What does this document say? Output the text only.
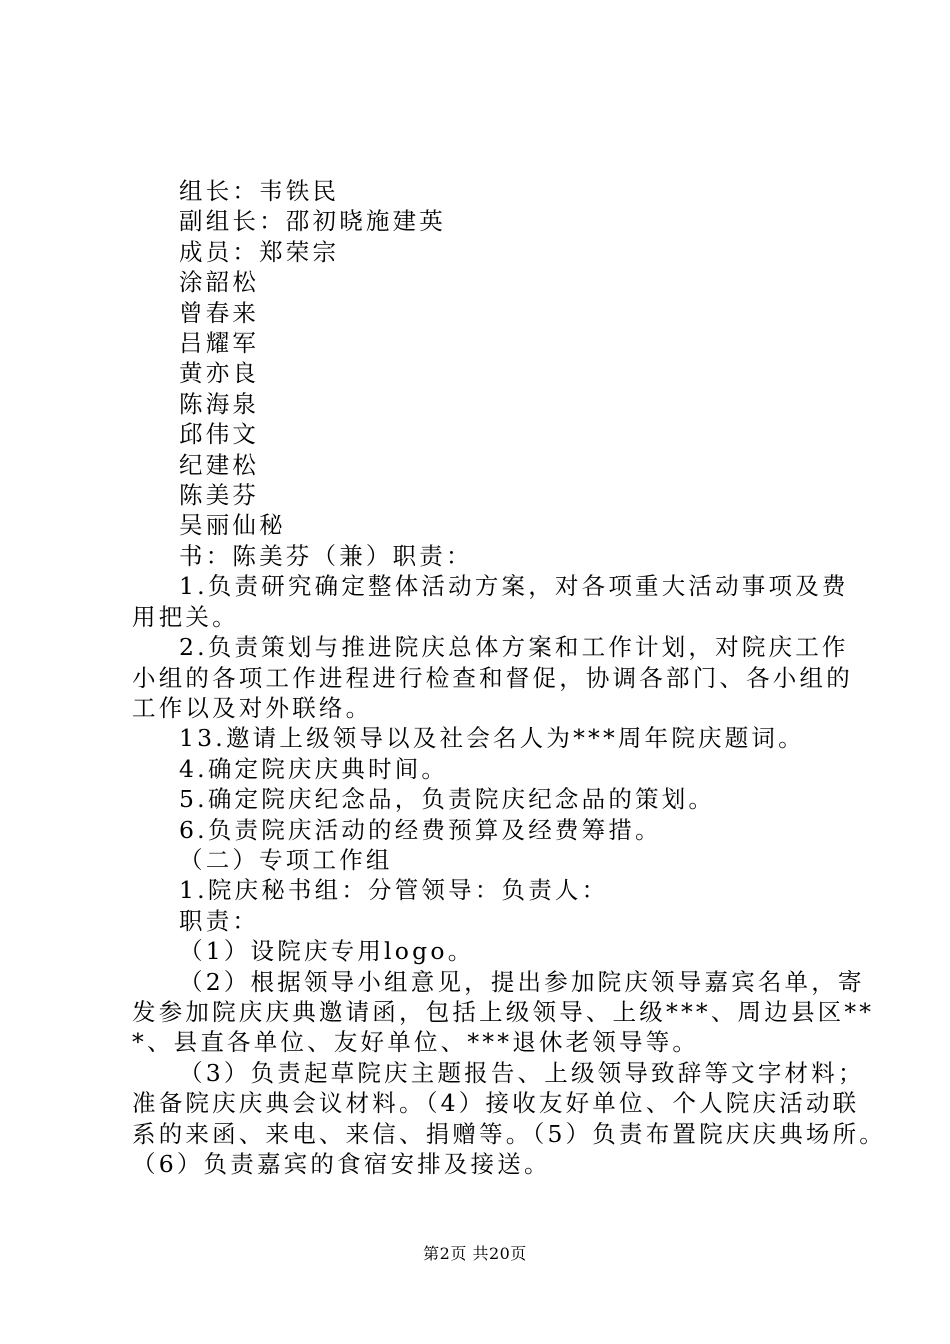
组长：韦铁民
副组长：邵初晓施建英
成员：郑荣宗
涂韶松
曾春来
吕耀军
黄亦良
陈海泉
邱伟文
纪建松
陈美芬
吴丽仙秘
书：陈美芬（兼）职责：
1.负责研究确定整体活动方案，对各项重大活动事项及费
用把关。
2.负责策划与推进院庆总体方案和工作计划，对院庆工作
小组的各项工作进程进行检查和督促，协调各部门、各小组的
工作以及对外联络。
13.邀请上级领导以及社会名人为***周年院庆题词。
4.确定院庆庆典时间。
5.确定院庆纪念品，负责院庆纪念品的策划。
6.负责院庆活动的经费预算及经费筹措。
（二）专项工作组
1.院庆秘书组：分管领导：负责人：
职责：
（1）设院庆专用logo。
（2）根据领导小组意见，提出参加院庆领导嘉宾名单，寄
发参加院庆庆典邀请函，包括上级领导、上级***、周边县区**
*、县直各单位、友好单位、***退休老领导等。
（3）负责起草院庆主题报告、上级领导致辞等文字材料；
准备院庆庆典会议材料。（4）接收友好单位、个人院庆活动联
系的来函、来电、来信、捐赠等。（5）负责布置院庆庆典场所。
（6）负责嘉宾的食宿安排及接送。
第2页 共20页
